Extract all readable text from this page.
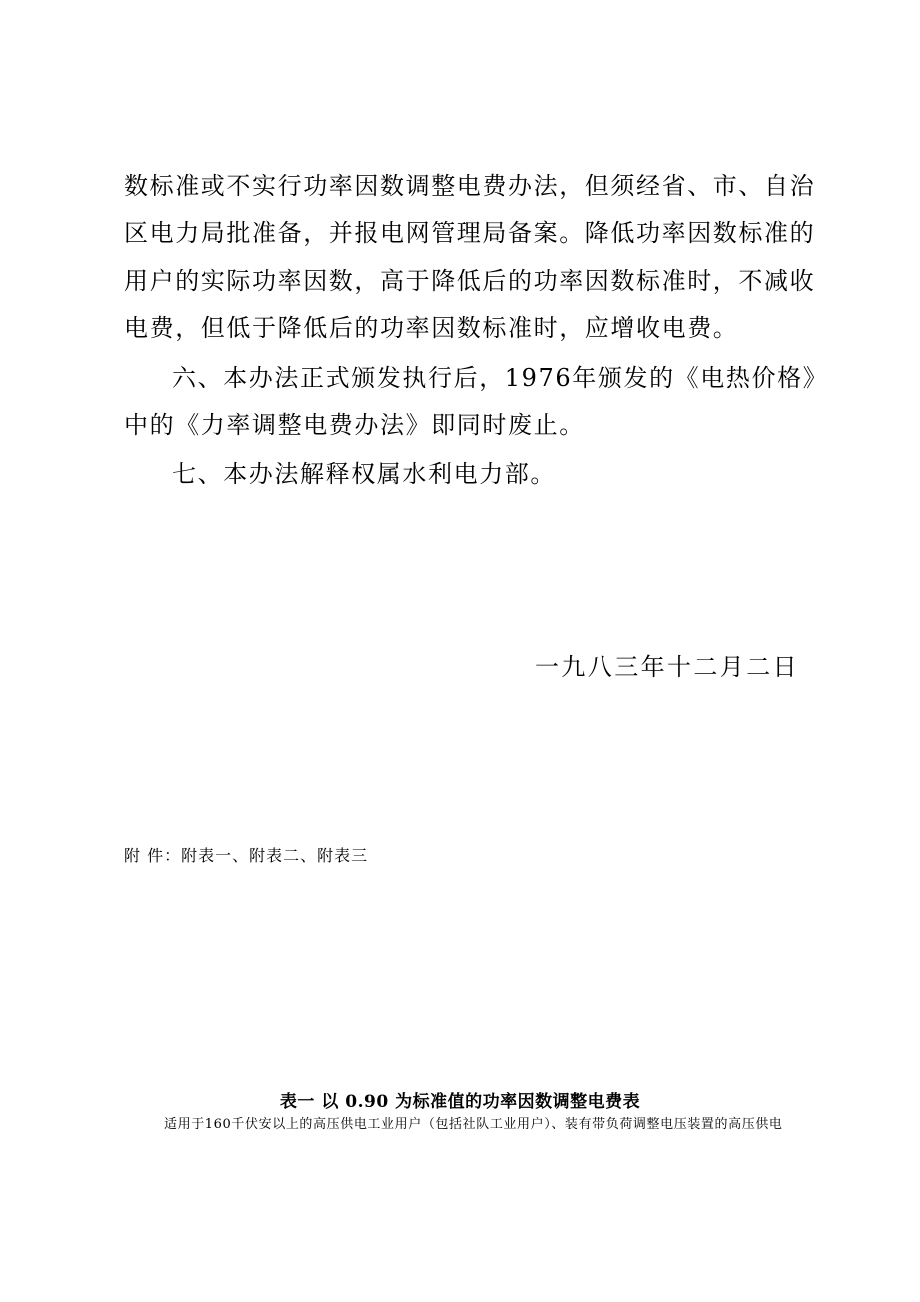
数标准或不实行功率因数调整电费办法，但须经省、市、自治
区电力局批准备，并报电网管理局备案。降低功率因数标准的
用户的实际功率因数，高于降低后的功率因数标准时，不减收
电费，但低于降低后的功率因数标准时，应增收电费。
六、本办法正式颁发执行后，1976年颁发的《电热价格》
中的《力率调整电费办法》即同时废止。
七、本办法解释权属水利电力部。
一九八三年十二月二日
附 件：附表一、附表二、附表三
表一 以 0.90 为标准值的功率因数调整电费表
适用于160千伏安以上的高压供电工业用户（包括社队工业用户）、装有带负荷调整电压装置的高压供电
